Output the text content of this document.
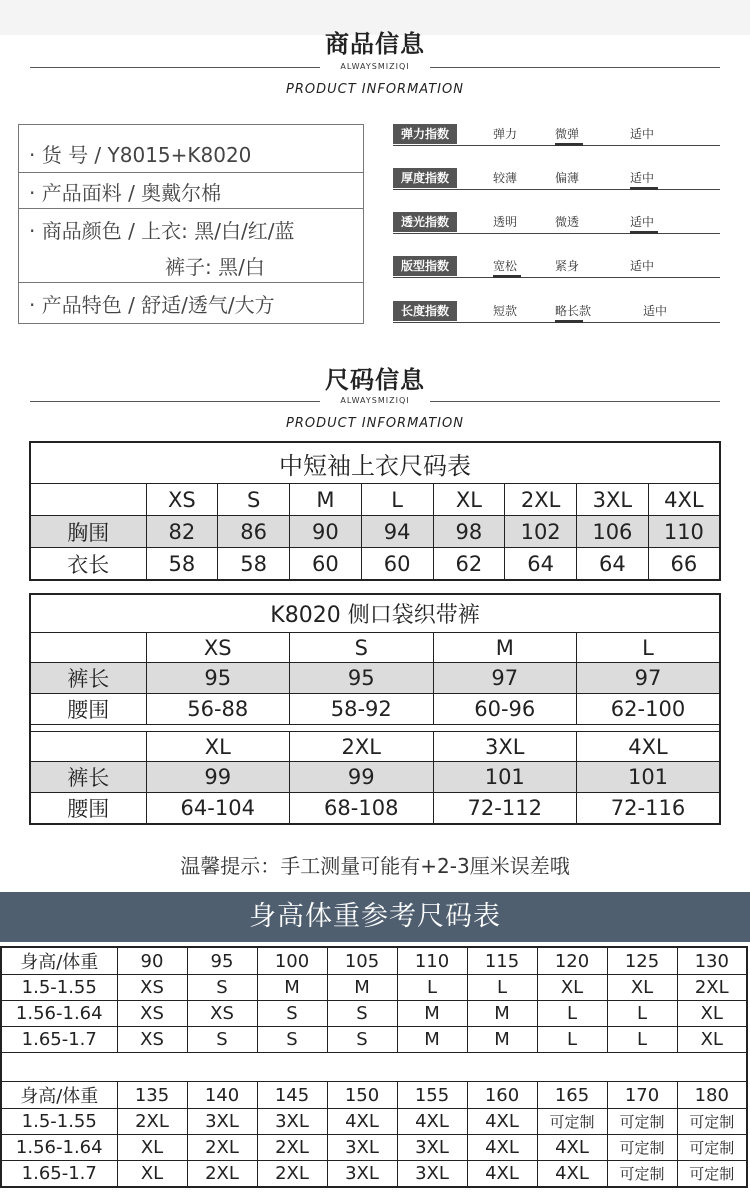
商品信息
ALWAYSMIZIQI
PRODUCT INFORMATION
· 货 号 / Y8015+K8020
· 产品面料 / 奥戴尔棉
· 商品颜色 / 上衣: 黑/白/红/蓝
裤子: 黑/白
· 产品特色 / 舒适/透气/大方
弹力指数	弹力	微弹	适中
厚度指数	较薄	偏薄	适中
透光指数	透明	微透	适中
版型指数	宽松	紧身	适中
长度指数	短款	略长款	适中
尺码信息
ALWAYSMIZIQI
PRODUCT INFORMATION
中短袖上衣尺码表								
	XS	S	M	L	XL	2XL	3XL	4XL
胸围	82	86	90	94	98	102	106	110
衣长	58	58	60	60	62	64	64	66
K8020 侧口袋织带裤				
	XS	S	M	L
裤长	95	95	97	97
腰围	56-88	58-92	60-96	62-100

	XL	2XL	3XL	4XL
裤长	99	99	101	101
腰围	64-104	68-108	72-112	72-116
温馨提示：手工测量可能有+2-3厘米误差哦
身高体重参考尺码表
身高/体重	90	95	100	105	110	115	120	125	130
1.5-1.55	XS	S	M	M	L	L	XL	XL	2XL
1.56-1.64	XS	XS	S	S	M	M	L	L	XL
1.65-1.7	XS	S	S	S	M	M	L	L	XL

身高/体重	135	140	145	150	155	160	165	170	180
1.5-1.55	2XL	3XL	3XL	4XL	4XL	4XL	可定制	可定制	可定制
1.56-1.64	XL	2XL	2XL	3XL	3XL	4XL	4XL	可定制	可定制
1.65-1.7	XL	2XL	2XL	3XL	3XL	4XL	4XL	可定制	可定制
